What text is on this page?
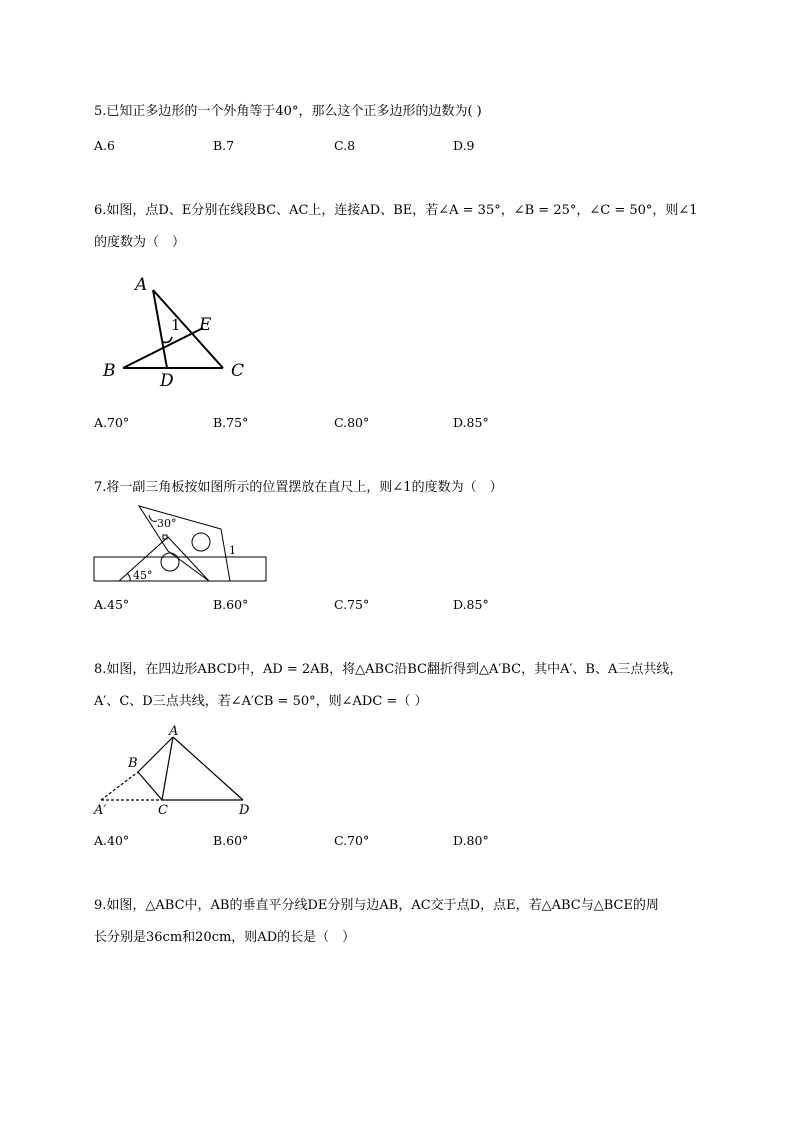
5.已知正多边形的一个外角等于40°，那么这个正多边形的边数为( )
A.6	B.7	C.8	D.9
6.如图，点D、E分别在线段BC、AC上，连接AD、BE，若∠A = 35°，∠B = 25°，∠C = 50°，则∠1
的度数为（　）
A
B	C
D
E
1
A.70°	B.75°	C.80°	D.85°
7.将一副三角板按如图所示的位置摆放在直尺上，则∠1的度数为（　）
30°
45°
1
A.45°	B.60°	C.75°	D.85°
8.如图，在四边形ABCD中，AD = 2AB，将△ABC沿BC翻折得到△A′BC，其中A′、B、A三点共线，
A′、C、D三点共线，若∠A′CB = 50°，则∠ADC =（ ）
A
B
C	D
A′
A.40°	B.60°	C.70°	D.80°
9.如图，△ABC中，AB的垂直平分线DE分别与边AB，AC交于点D，点E，若△ABC与△BCE的周
长分别是36cm和20cm，则AD的长是（　）
